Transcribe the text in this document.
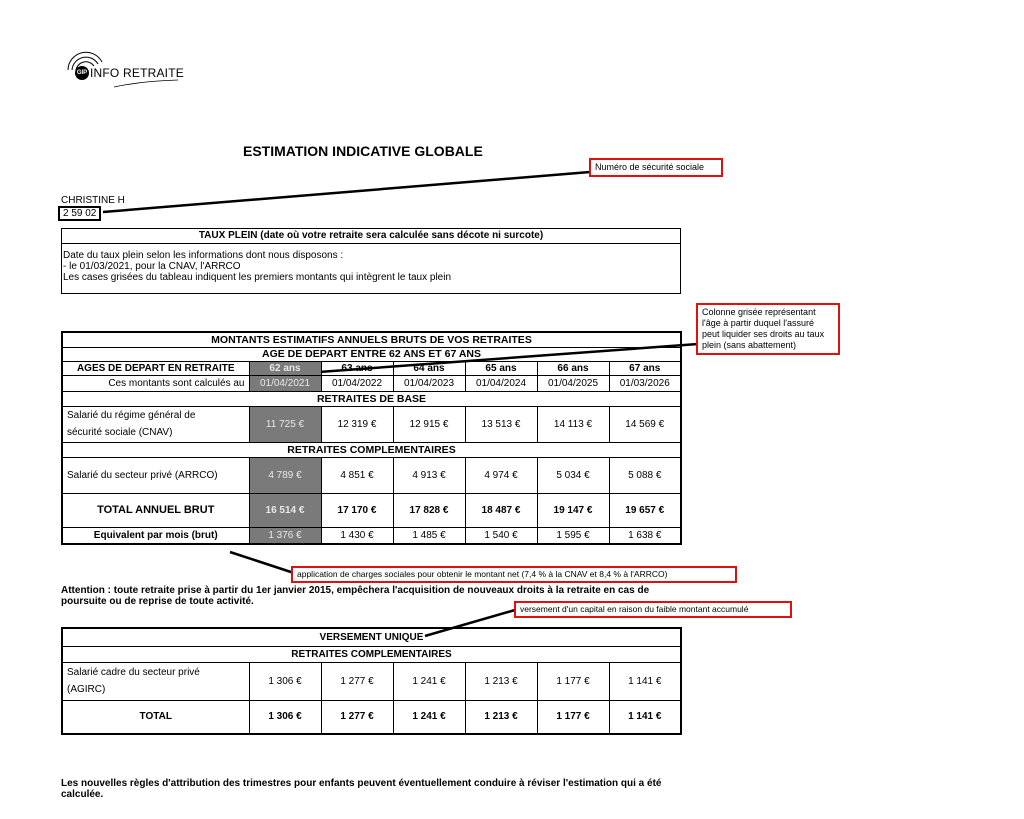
GIP INFO RETRAITE
ESTIMATION INDICATIVE GLOBALE
CHRISTINE H
2 59 02
Numéro de sécurité sociale
Colonne grisée représentant l'âge à partir duquel l'assuré peut liquider ses droits au taux plein (sans abattement)
application de charges sociales pour obtenir le montant net (7,4 % à la CNAV et 8,4 % à l'ARRCO)
versement d'un capital en raison du faible montant accumulé
TAUX PLEIN (date où votre retraite sera calculée sans décote ni surcote)
Date du taux plein selon les informations dont nous disposons :
- le 01/03/2021, pour la CNAV, l'ARRCO
Les cases grisées du tableau indiquent les premiers montants qui intègrent le taux plein
MONTANTS ESTIMATIFS ANNUELS BRUTS DE VOS RETRAITES						
AGE DE DEPART ENTRE 62 ANS ET 67 ANS						
AGES DE DEPART EN RETRAITE	62 ans	63 ans	64 ans	65 ans	66 ans	67 ans
Ces montants sont calculés au	01/04/2021	01/04/2022	01/04/2023	01/04/2024	01/04/2025	01/03/2026
RETRAITES DE BASE						

Salarié du régime général de
sécurité sociale (CNAV)	11 725 €	12 319 €	12 915 €	13 513 €	14 113 €	14 569 €
RETRAITES COMPLEMENTAIRES						
Salarié du secteur privé (ARRCO)	4 789 €	4 851 €	4 913 €	4 974 €	5 034 €	5 088 €
TOTAL ANNUEL BRUT	16 514 €	17 170 €	17 828 €	18 487 €	19 147 €	19 657 €
Equivalent par mois (brut)	1 376 €	1 430 €	1 485 €	1 540 €	1 595 €	1 638 €
Attention : toute retraite prise à partir du 1er janvier 2015, empêchera l'acquisition de nouveaux droits à la retraite en cas de poursuite ou de reprise de toute activité.
VERSEMENT UNIQUE						
RETRAITES COMPLEMENTAIRES						

Salarié cadre du secteur privé
(AGIRC)	1 306 €	1 277 €	1 241 €	1 213 €	1 177 €	1 141 €
TOTAL	1 306 €	1 277 €	1 241 €	1 213 €	1 177 €	1 141 €
Les nouvelles règles d'attribution des trimestres pour enfants peuvent éventuellement conduire à réviser l'estimation qui a été calculée.
